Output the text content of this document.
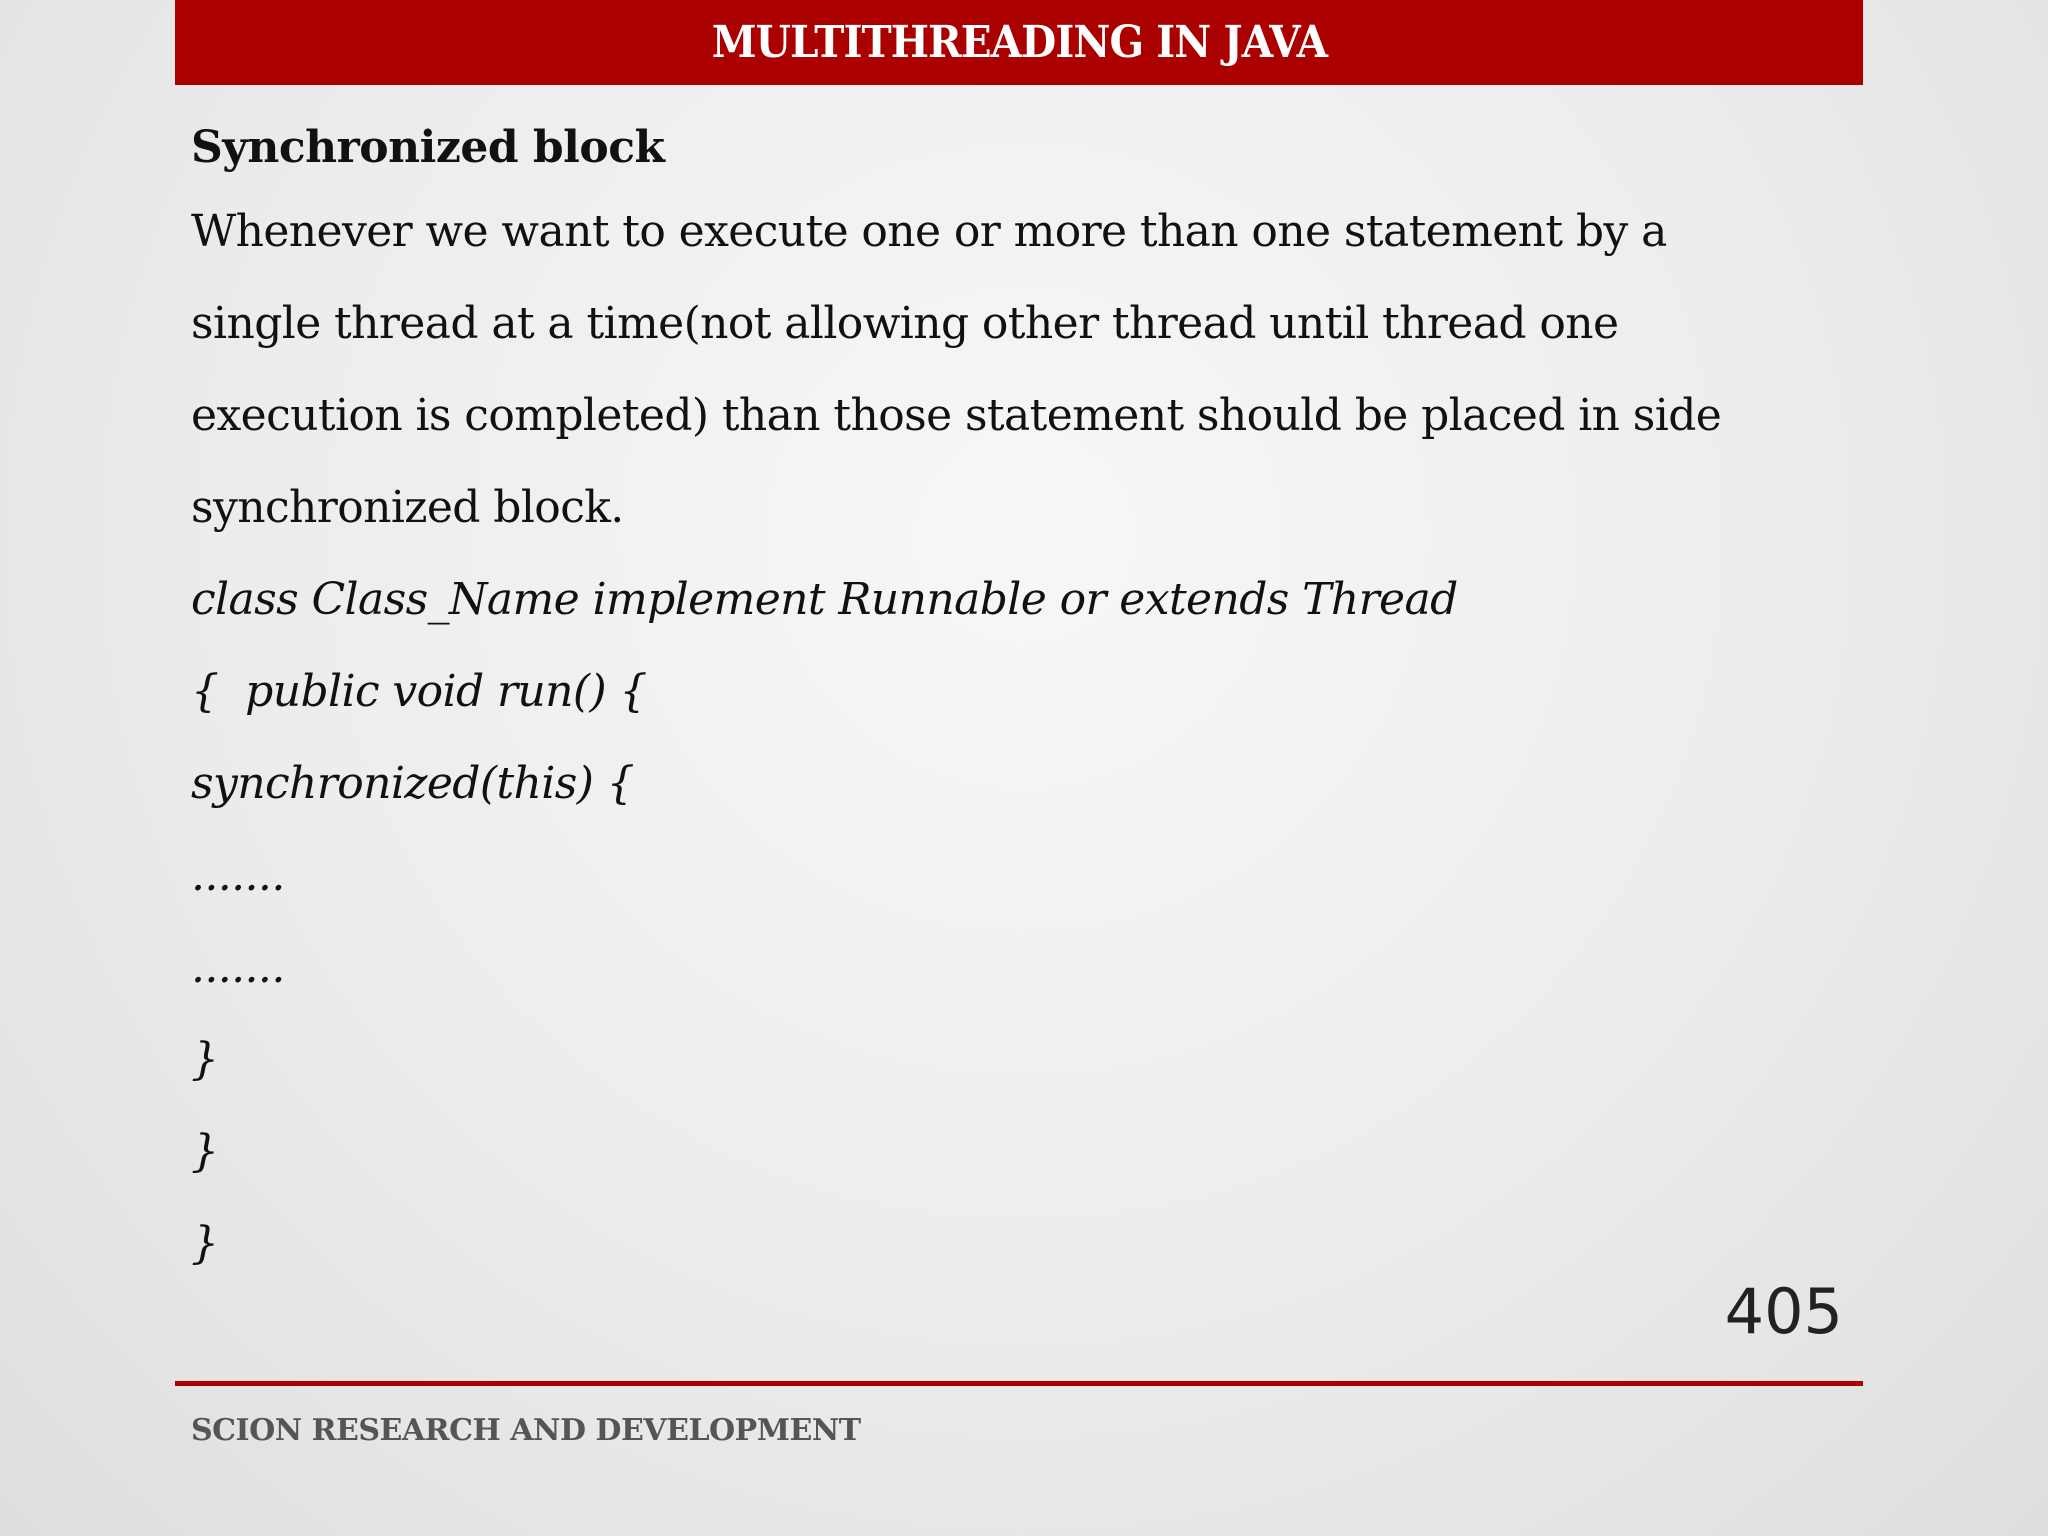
MULTITHREADING IN JAVA
Synchronized block
Whenever we want to execute one or more than one statement by a single thread at a time(not allowing other thread until thread one execution is completed) than those statement should be placed in side synchronized block.
class Class_Name implement Runnable or extends Thread
{  public void run() {
synchronized(this) {
.......
.......
}
}
}
405
SCION RESEARCH AND DEVELOPMENT
